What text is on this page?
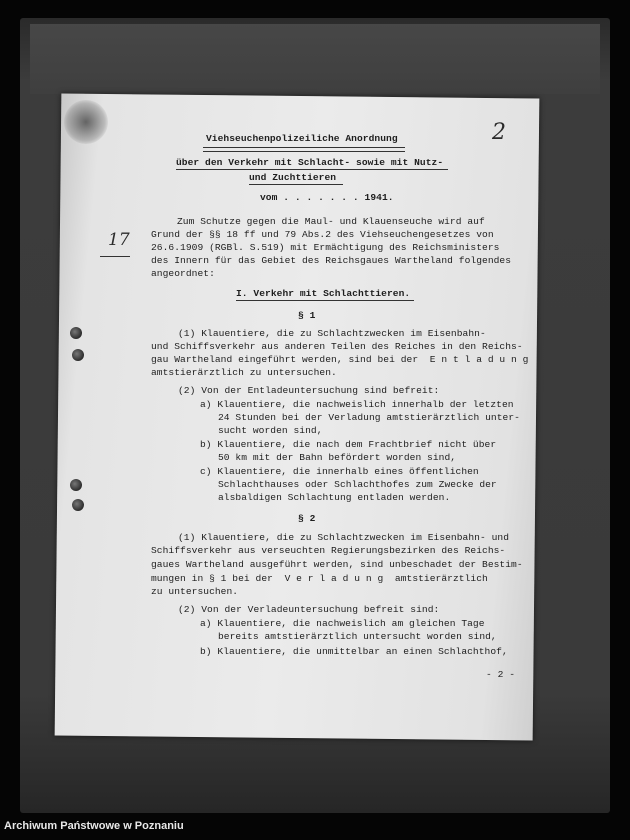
Viehseuchenpolizeiliche Anordnung
über den Verkehr mit Schlacht- sowie mit Nutz-
und Zuchttieren
vom . . . . . . . 1941.
Zum Schutze gegen die Maul- und Klauenseuche wird auf
Grund der §§ 18 ff und 79 Abs.2 des Viehseuchengesetzes von
26.6.1909 (RGBl. S.519) mit Ermächtigung des Reichsministers
des Innern für das Gebiet des Reichsgaues Wartheland folgendes
angeordnet:
17
2
I. Verkehr mit Schlachttieren.
§ 1
(1) Klauentiere, die zu Schlachtzwecken im Eisenbahn-
und Schiffsverkehr aus anderen Teilen des Reiches in den Reichs-
gau Wartheland eingeführt werden, sind bei der  E n t l a d u n g
amtstierärztlich zu untersuchen.
(2) Von der Entladeuntersuchung sind befreit:
a) Klauentiere, die nachweislich innerhalb der letzten
24 Stunden bei der Verladung amtstierärztlich unter-
sucht worden sind,
b) Klauentiere, die nach dem Frachtbrief nicht über
50 km mit der Bahn befördert worden sind,
c) Klauentiere, die innerhalb eines öffentlichen
Schlachthauses oder Schlachthofes zum Zwecke der
alsbaldigen Schlachtung entladen werden.
§ 2
(1) Klauentiere, die zu Schlachtzwecken im Eisenbahn- und
Schiffsverkehr aus verseuchten Regierungsbezirken des Reichs-
gaues Wartheland ausgeführt werden, sind unbeschadet der Bestim-
mungen in § 1 bei der  V e r l a d u n g  amtstierärztlich
zu untersuchen.
(2) Von der Verladeuntersuchung befreit sind:
a) Klauentiere, die nachweislich am gleichen Tage
bereits amtstierärztlich untersucht worden sind,
b) Klauentiere, die unmittelbar an einen Schlachthof,
- 2 -
Archiwum Państwowe w Poznaniu
